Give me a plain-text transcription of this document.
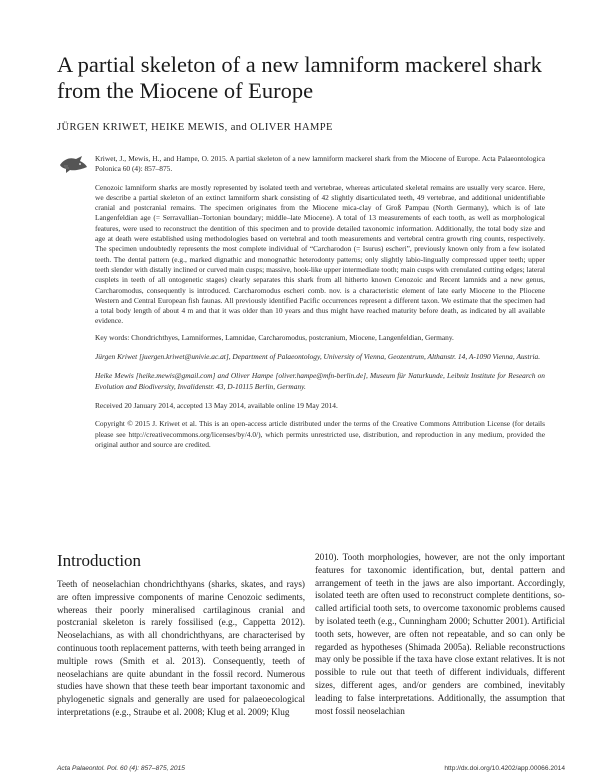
A partial skeleton of a new lamniform mackerel shark from the Miocene of Europe
JÜRGEN KRIWET, HEIKE MEWIS, and OLIVER HAMPE

Kriwet, J., Mewis, H., and Hampe, O. 2015. A partial skeleton of a new lamniform mackerel shark from the Miocene of Europe. Acta Palaeontologica Polonica 60 (4): 857–875.

Cenozoic lamniform sharks are mostly represented by isolated teeth and vertebrae, whereas articulated skeletal remains are usually very scarce. Here, we describe a partial skeleton of an extinct lamniform shark consisting of 42 slightly disarticulated teeth, 49 vertebrae, and additional unidentifiable cranial and postcranial remains. The specimen originates from the Miocene mica-clay of Groß Pampau (North Germany), which is of late Langenfeldian age (= Serravallian–Tortonian boundary; middle–late Miocene). A total of 13 measurements of each tooth, as well as morphological features, were used to reconstruct the dentition of this specimen and to provide detailed taxonomic information. Additionally, the total body size and age at death were established using methodologies based on vertebral and tooth measurements and vertebral centra growth ring counts, respectively. The specimen undoubtedly represents the most complete individual of “Carcharodon (= Isurus) escheri”, previously known only from a few isolated teeth. The dental pattern (e.g., marked dignathic and monognathic heterodonty patterns; only slightly labio-lingually compressed upper teeth; upper teeth slender with distally inclined or curved main cusps; massive, hook-like upper intermediate tooth; main cusps with crenulated cutting edges; lateral cusplets in teeth of all ontogenetic stages) clearly separates this shark from all hitherto known Cenozoic and Recent lamnids and a new genus, Carcharomodus, consequently is introduced. Carcharomodus escheri comb. nov. is a characteristic element of late early Miocene to the Pliocene Western and Central European fish faunas. All previously identified Pacific occurrences represent a different taxon. We estimate that the specimen had a total body length of about 4 m and that it was older than 10 years and thus might have reached maturity before death, as indicated by all available evidence.

Key words: Chondrichthyes, Lamniformes, Lamnidae, Carcharomodus, postcranium, Miocene, Langenfeldian, Germany.

Jürgen Kriwet [juergen.kriwet@univie.ac.at], Department of Palaeontology, University of Vienna, Geozentrum, Althanstr. 14, A-1090 Vienna, Austria.

Heike Mewis [heike.mewis@gmail.com] and Oliver Hampe [oliver.hampe@mfn-berlin.de], Museum für Naturkunde, Leibniz Institute for Research on Evolution and Biodiversity, Invalidenstr. 43, D-10115 Berlin, Germany.

Received 20 January 2014, accepted 13 May 2014, available online 19 May 2014.

Copyright © 2015 J. Kriwet et al. This is an open-access article distributed under the terms of the Creative Commons Attribution License (for details please see http://creativecommons.org/licenses/by/4.0/), which permits unrestricted use, distribution, and reproduction in any medium, provided the original author and source are credited.

Introduction

Teeth of neoselachian chondrichthyans (sharks, skates, and rays) are often impressive components of marine Cenozoic sediments, whereas their poorly mineralised cartilaginous cranial and postcranial skeleton is rarely fossilised (e.g., Cappetta 2012). Neoselachians, as with all chondrichthyans, are characterised by continuous tooth replacement patterns, with teeth being arranged in multiple rows (Smith et al. 2013). Consequently, teeth of neoselachians are quite abundant in the fossil record. Numerous studies have shown that these teeth bear important taxonomic and phylogenetic signals and generally are used for palaeoecological interpretations (e.g., Straube et al. 2008; Klug et al. 2009; Klug

2010). Tooth morphologies, however, are not the only important features for taxonomic identification, but, dental pattern and arrangement of teeth in the jaws are also important. Accordingly, isolated teeth are often used to reconstruct complete dentitions, so-called artificial tooth sets, to overcome taxonomic problems caused by isolated teeth (e.g., Cunningham 2000; Schutter 2001). Artificial tooth sets, however, are often not repeatable, and so can only be regarded as hypotheses (Shimada 2005a). Reliable reconstructions may only be possible if the taxa have close extant relatives. It is not possible to rule out that teeth of different individuals, different sizes, different ages, and/or genders are combined, inevitably leading to false interpretations. Additionally, the assumption that most fossil neoselachian

Acta Palaeontol. Pol. 60 (4): 857–875, 2015	http://dx.doi.org/10.4202/app.00066.2014
